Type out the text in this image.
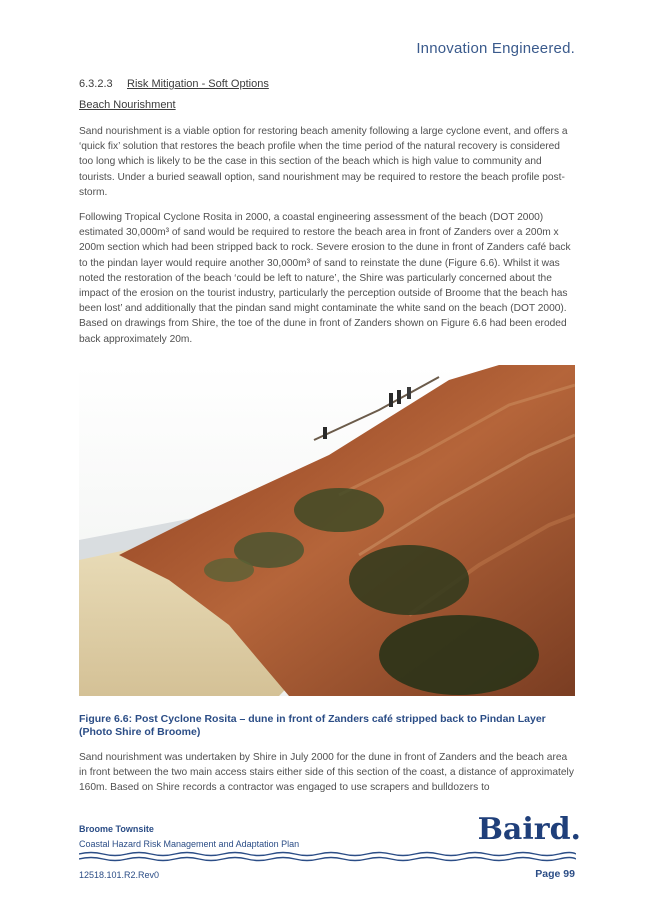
Innovation Engineered.
6.3.2.3 Risk Mitigation - Soft Options
Beach Nourishment

Sand nourishment is a viable option for restoring beach amenity following a large cyclone event, and offers a ‘quick fix’ solution that restores the beach profile when the time period of the natural recovery is considered too long which is likely to be the case in this section of the beach which is high value to community and tourists. Under a buried seawall option, sand nourishment may be required to restore the beach profile post-storm.

Following Tropical Cyclone Rosita in 2000, a coastal engineering assessment of the beach (DOT 2000) estimated 30,000m³ of sand would be required to restore the beach area in front of Zanders over a 200m x 200m section which had been stripped back to rock. Severe erosion to the dune in front of Zanders café back to the pindan layer would require another 30,000m³ of sand to reinstate the dune (Figure 6.6). Whilst it was noted the restoration of the beach ‘could be left to nature’, the Shire was particularly concerned about the impact of the erosion on the tourist industry, particularly the perception outside of Broome that the beach has been lost’ and additionally that the pindan sand might contaminate the white sand on the beach (DOT 2000). Based on drawings from Shire, the toe of the dune in front of Zanders shown on Figure 6.6 had been eroded back approximately 20m.

Figure 6.6: Post Cyclone Rosita – dune in front of Zanders café stripped back to Pindan Layer (Photo Shire of Broome)

Sand nourishment was undertaken by Shire in July 2000 for the dune in front of Zanders and the beach area in front between the two main access stairs either side of this section of the coast, a distance of approximately 160m. Based on Shire records a contractor was engaged to use scrapers and bulldozers to

Broome Townsite
Coastal Hazard Risk Management and Adaptation Plan	Baird.
12518.101.R2.Rev0	Page 99
